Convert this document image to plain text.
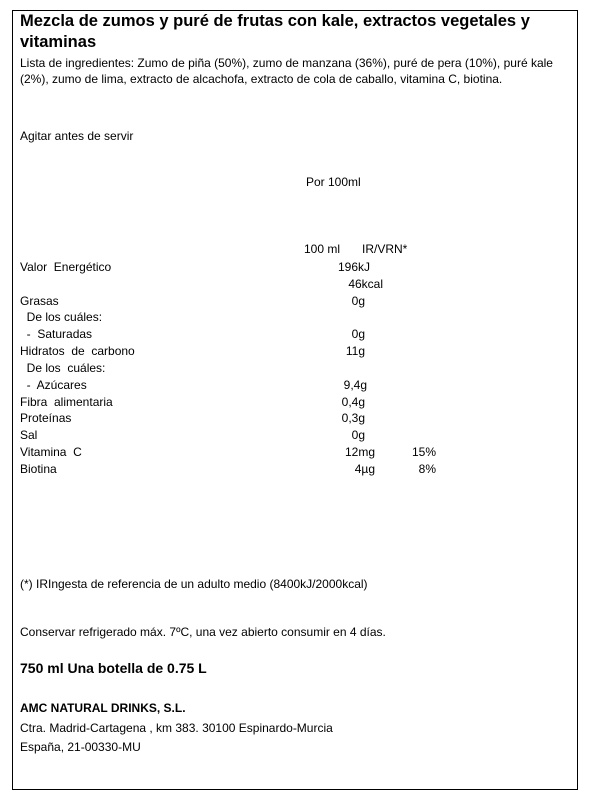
Mezcla de zumos y puré de frutas con kale, extractos vegetales y vitaminas
Lista de ingredientes: Zumo de piña (50%), zumo de manzana (36%), puré de pera (10%), puré kale (2%), zumo de lima, extracto de alcachofa, extracto de cola de caballo, vitamina C, biotina.
Agitar antes de servir
Por 100ml
100 ml IR/VRN*
Valor  Energético	196kJ
46kcal
Grasas	0g
De los cuáles:
-  Saturadas	0g
Hidratos  de  carbono	11g
De los  cuáles:
-  Azúcares	9,4g
Fibra  alimentaria	0,4g
Proteínas	0,3g
Sal	0g
Vitamina  C	12mg	15%
Biotina	4µg	8%
(*) IRIngesta de referencia de un adulto medio (8400kJ/2000kcal)
Conservar refrigerado máx. 7ºC, una vez abierto consumir en 4 días.
750 ml Una botella de 0.75 L
AMC NATURAL DRINKS, S.L.
Ctra. Madrid-Cartagena , km 383. 30100 Espinardo-Murcia
España, 21-00330-MU
